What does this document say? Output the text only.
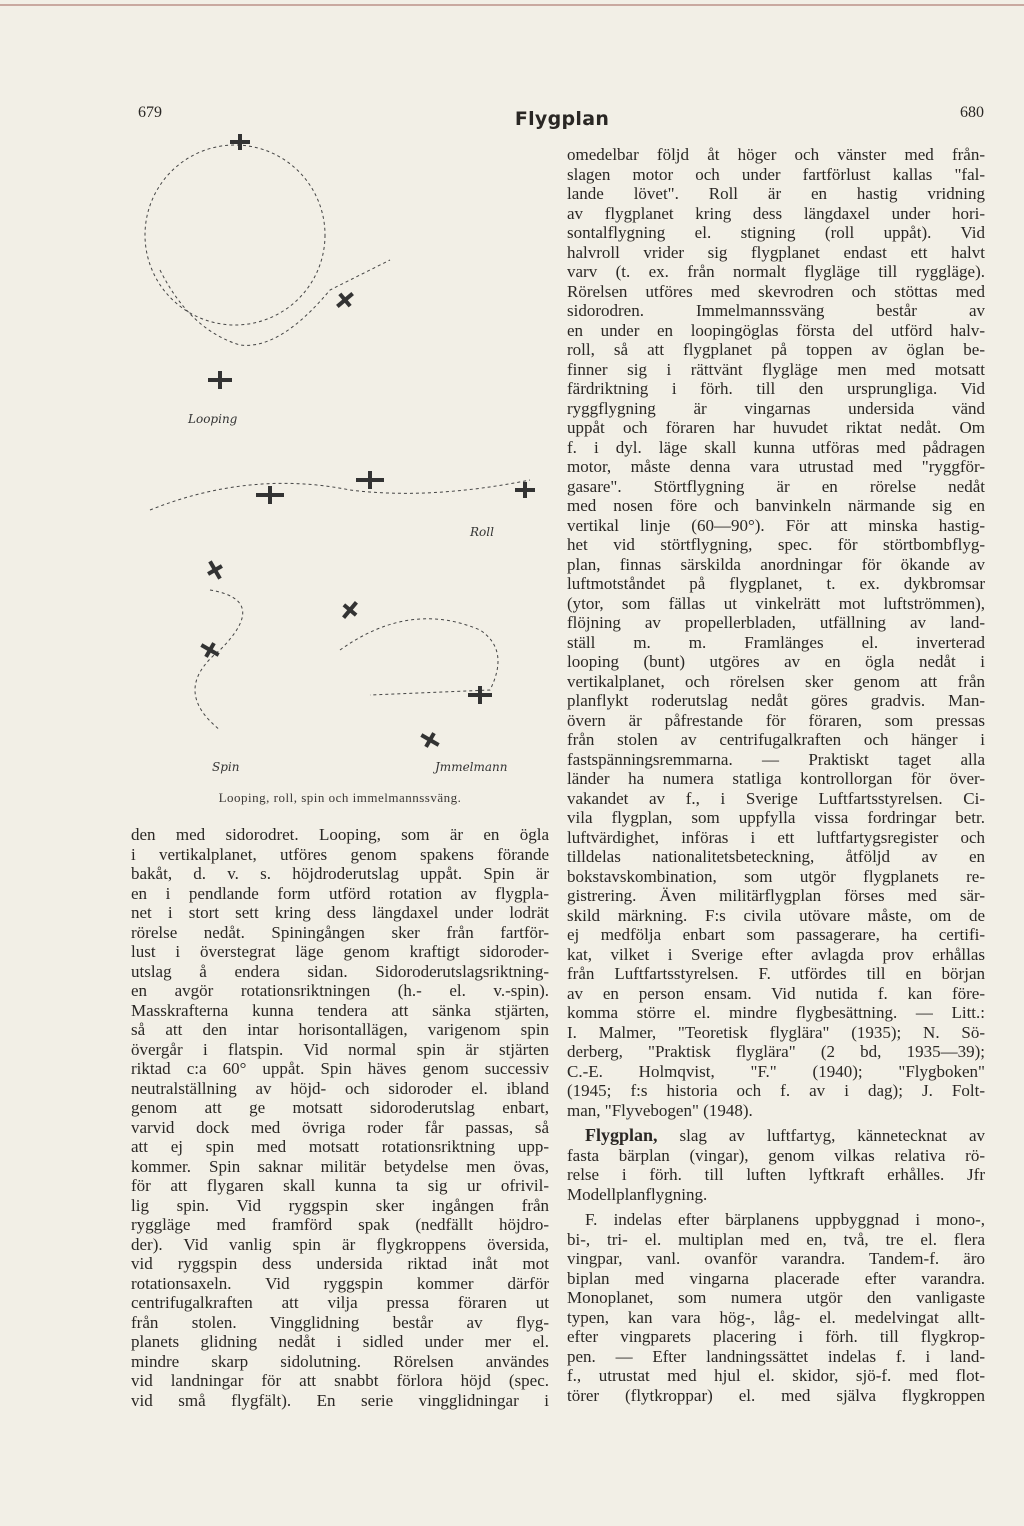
679	Flygplan	680
Looping
Roll
Spin	Jmmelmann
Looping, roll, spin och immelmannssväng.
den med sidorodret. Looping, som är en ögla
i vertikalplanet, utföres genom spakens förande
bakåt, d. v. s. höjdroderutslag uppåt. Spin är
en i pendlande form utförd rotation av flygpla-
net i stort sett kring dess längdaxel under lodrät
rörelse nedåt. Spiningången sker från fartför-
lust i överstegrat läge genom kraftigt sidoroder-
utslag å endera sidan. Sidoroderutslagsriktning-
en avgör rotationsriktningen (h.- el. v.-spin).
Masskrafterna kunna tendera att sänka stjärten,
så att den intar horisontallägen, varigenom spin
övergår i flatspin. Vid normal spin är stjärten
riktad c:a 60° uppåt. Spin häves genom successiv
neutralställning av höjd- och sidoroder el. ibland
genom att ge motsatt sidoroderutslag enbart,
varvid dock med övriga roder får passas, så
att ej spin med motsatt rotationsriktning upp-
kommer. Spin saknar militär betydelse men övas,
för att flygaren skall kunna ta sig ur ofrivil-
lig spin. Vid ryggspin sker ingången från
ryggläge med framförd spak (nedfällt höjdro-
der). Vid vanlig spin är flygkroppens översida,
vid ryggspin dess undersida riktad inåt mot
rotationsaxeln. Vid ryggspin kommer därför
centrifugalkraften att vilja pressa föraren ut
från stolen. Vingglidning består av flyg-
planets glidning nedåt i sidled under mer el.
mindre skarp sidolutning. Rörelsen användes
vid landningar för att snabbt förlora höjd (spec.
vid små flygfält). En serie vingglidningar i
omedelbar följd åt höger och vänster med från-
slagen motor och under fartförlust kallas "fal-
lande lövet". Roll är en hastig vridning
av flygplanet kring dess längdaxel under hori-
sontalflygning el. stigning (roll uppåt). Vid
halvroll vrider sig flygplanet endast ett halvt
varv (t. ex. från normalt flygläge till ryggläge).
Rörelsen utföres med skevrodren och stöttas med
sidorodren. Immelmannssväng består av
en under en loopingöglas första del utförd halv-
roll, så att flygplanet på toppen av öglan be-
finner sig i rättvänt flygläge men med motsatt
färdriktning i förh. till den ursprungliga. Vid
ryggflygning är vingarnas undersida vänd
uppåt och föraren har huvudet riktat nedåt. Om
f. i dyl. läge skall kunna utföras med pådragen
motor, måste denna vara utrustad med "ryggför-
gasare". Störtflygning är en rörelse nedåt
med nosen före och banvinkeln närmande sig en
vertikal linje (60—90°). För att minska hastig-
het vid störtflygning, spec. för störtbombflyg-
plan, finnas särskilda anordningar för ökande av
luftmotståndet på flygplanet, t. ex. dykbromsar
(ytor, som fällas ut vinkelrätt mot luftströmmen),
flöjning av propellerbladen, utfällning av land-
ställ m. m. Framlänges el. inverterad
looping (bunt) utgöres av en ögla nedåt i
vertikalplanet, och rörelsen sker genom att från
planflykt roderutslag nedåt göres gradvis. Man-
övern är påfrestande för föraren, som pressas
från stolen av centrifugalkraften och hänger i
fastspänningsremmarna. — Praktiskt taget alla
länder ha numera statliga kontrollorgan för över-
vakandet av f., i Sverige Luftfartsstyrelsen. Ci-
vila flygplan, som uppfylla vissa fordringar betr.
luftvärdighet, införas i ett luftfartygsregister och
tilldelas nationalitetsbeteckning, åtföljd av en
bokstavskombination, som utgör flygplanets re-
gistrering. Även militärflygplan förses med sär-
skild märkning. F:s civila utövare måste, om de
ej medfölja enbart som passagerare, ha certifi-
kat, vilket i Sverige efter avlagda prov erhållas
från Luftfartsstyrelsen. F. utfördes till en början
av en person ensam. Vid nutida f. kan före-
komma större el. mindre flygbesättning. — Litt.:
I. Malmer, "Teoretisk flyglära" (1935); N. Sö-
derberg, "Praktisk flyglära" (2 bd, 1935—39);
C.-E. Holmqvist, "F." (1940); "Flygboken"
(1945; f:s historia och f. av i dag); J. Folt-
man, "Flyvebogen" (1948).
Flygplan, slag av luftfartyg, kännetecknat av
fasta bärplan (vingar), genom vilkas relativa rö-
relse i förh. till luften lyftkraft erhålles. Jfr
Modellplanflygning.
F. indelas efter bärplanens uppbyggnad i mono-,
bi-, tri- el. multiplan med en, två, tre el. flera
vingpar, vanl. ovanför varandra. Tandem-f. äro
biplan med vingarna placerade efter varandra.
Monoplanet, som numera utgör den vanligaste
typen, kan vara hög-, låg- el. medelvingat allt-
efter vingparets placering i förh. till flygkrop-
pen. — Efter landningssättet indelas f. i land-
f., utrustat med hjul el. skidor, sjö-f. med flot-
törer (flytkroppar) el. med själva flygkroppen
